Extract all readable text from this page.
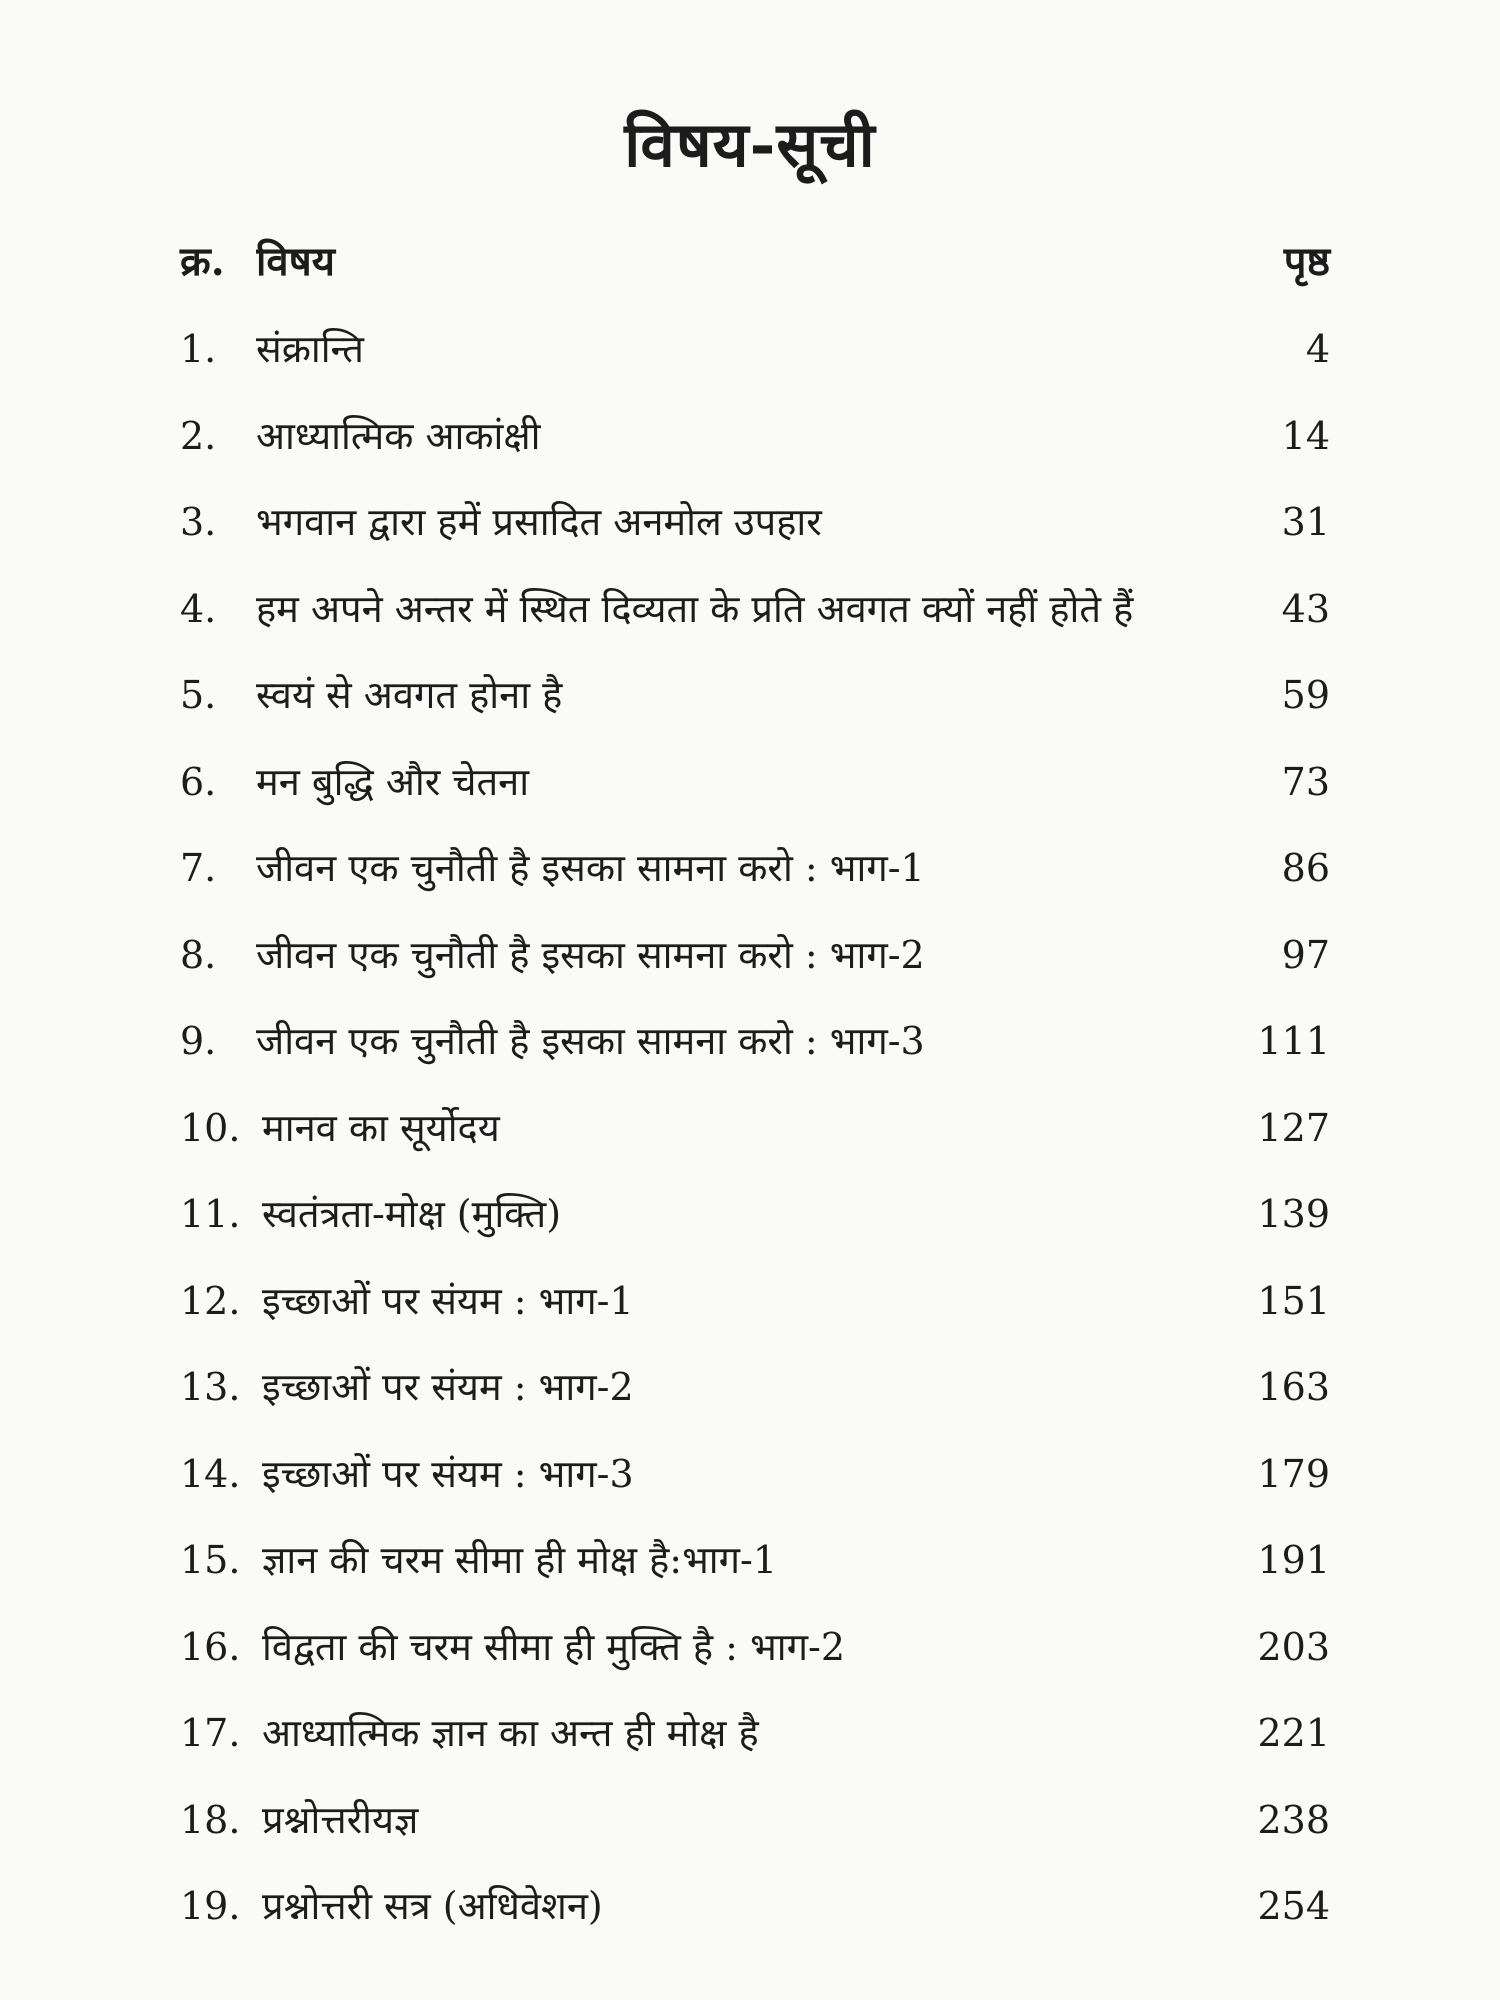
विषय-सूची
क्र. विषय	पृष्ठ
1.	संक्रान्ति	4
2.	आध्यात्मिक आकांक्षी	14
3.	भगवान द्वारा हमें प्रसादित अनमोल उपहार	31
4.	हम अपने अन्तर में स्थित दिव्यता के प्रति अवगत क्यों नहीं होते हैं	43
5.	स्वयं से अवगत होना है	59
6.	मन बुद्धि और चेतना	73
7.	जीवन एक चुनौती है इसका सामना करो : भाग-1	86
8.	जीवन एक चुनौती है इसका सामना करो : भाग-2	97
9.	जीवन एक चुनौती है इसका सामना करो : भाग-3	111
10. मानव का सूर्योदय	127
11. स्वतंत्रता-मोक्ष (मुक्ति)	139
12. इच्छाओं पर संयम : भाग-1	151
13. इच्छाओं पर संयम : भाग-2	163
14. इच्छाओं पर संयम : भाग-3	179
15. ज्ञान की चरम सीमा ही मोक्ष है:भाग-1	191
16. विद्वता की चरम सीमा ही मुक्ति है : भाग-2	203
17. आध्यात्मिक ज्ञान का अन्त ही मोक्ष है	221
18. प्रश्नोत्तरीयज्ञ	238
19. प्रश्नोत्तरी सत्र (अधिवेशन)	254
